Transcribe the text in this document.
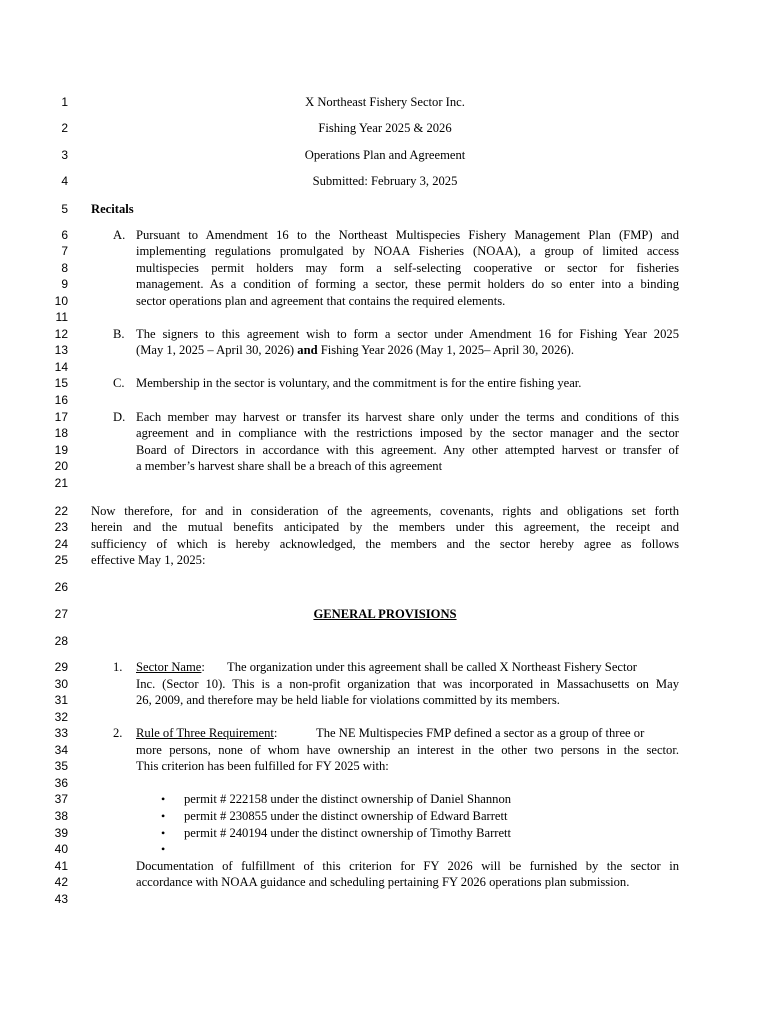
1
2
3
4
5
6
7
8
9
10
11
12
13
14
15
16
17
18
19
20
21
22
23
24
25
26
27
28
29
30
31
32
33
34
35
36
37
38
39
40
41
42
43
X Northeast Fishery Sector Inc.
Fishing Year 2025 & 2026
Operations Plan and Agreement
Submitted: February 3, 2025
Recitals
A. Pursuant to Amendment 16 to the Northeast Multispecies Fishery Management Plan (FMP) and
implementing regulations promulgated by NOAA Fisheries (NOAA), a group of limited access
multispecies permit holders may form a self-selecting cooperative or sector for fisheries
management. As a condition of forming a sector, these permit holders do so enter into a binding
sector operations plan and agreement that contains the required elements.
B. The signers to this agreement wish to form a sector under Amendment 16 for Fishing Year 2025
(May 1, 2025 – April 30, 2026) and Fishing Year 2026 (May 1, 2025– April 30, 2026).
C. Membership in the sector is voluntary, and the commitment is for the entire fishing year.
D. Each member may harvest or transfer its harvest share only under the terms and conditions of this
agreement and in compliance with the restrictions imposed by the sector manager and the sector
Board of Directors in accordance with this agreement. Any other attempted harvest or transfer of
a member’s harvest share shall be a breach of this agreement
Now therefore, for and in consideration of the agreements, covenants, rights and obligations set forth
herein and the mutual benefits anticipated by the members under this agreement, the receipt and
sufficiency of which is hereby acknowledged, the members and the sector hereby agree as follows
effective May 1, 2025:
GENERAL PROVISIONS
1. Sector Name: The organization under this agreement shall be called X Northeast Fishery Sector
Inc. (Sector 10). This is a non-profit organization that was incorporated in Massachusetts on May
26, 2009, and therefore may be held liable for violations committed by its members.
2. Rule of Three Requirement:	The NE Multispecies FMP defined a sector as a group of three or
more persons, none of whom have ownership an interest in the other two persons in the sector.
This criterion has been fulfilled for FY 2025 with:
• permit # 222158 under the distinct ownership of Daniel Shannon
• permit # 230855 under the distinct ownership of Edward Barrett
• permit # 240194 under the distinct ownership of Timothy Barrett
•
Documentation of fulfillment of this criterion for FY 2026 will be furnished by the sector in
accordance with NOAA guidance and scheduling pertaining FY 2026 operations plan submission.
